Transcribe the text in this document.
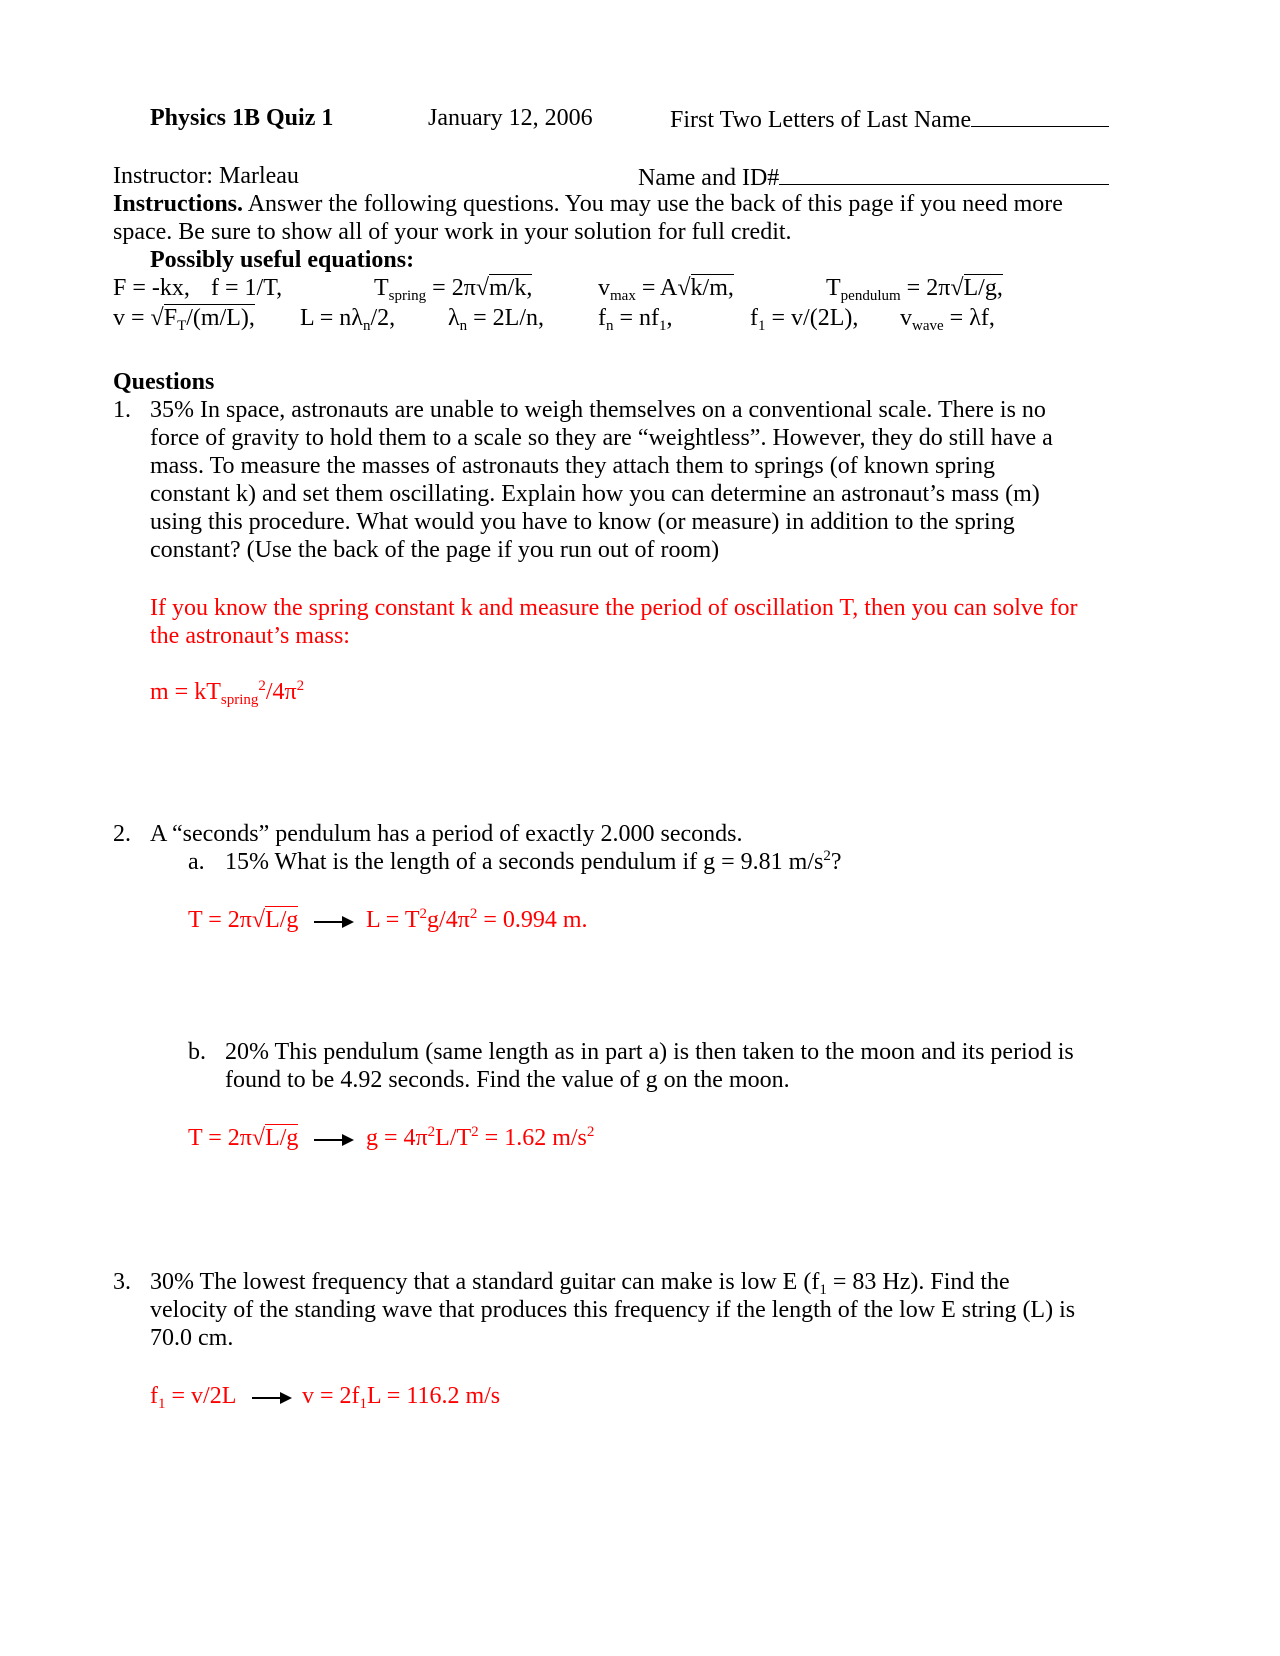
Physics 1B Quiz 1	January 12, 2006	First Two Letters of Last Name
Instructor: Marleau	Name and ID#
Instructions. Answer the following questions. You may use the back of this page if you need more
space. Be sure to show all of your work in your solution for full credit.
Possibly useful equations:
F = -kx, f = 1/T,	$T_{spring} = 2\pi√m/k$,	$v_{max} = A√k/m$,	$T_{pendulum} = 2\pi√L/g$,
$v = √F_T/(m/L)$, $L = n\lambda_n/2$, $\lambda_n = 2L/n$, $f_n = nf_1$,	$f_1 = v/(2L)$, $v_{wave} = \lambda f$,
Questions
1. 35% In space, astronauts are unable to weigh themselves on a conventional scale. There is no
force of gravity to hold them to a scale so they are “weightless”. However, they do still have a
mass. To measure the masses of astronauts they attach them to springs (of known spring
constant k) and set them oscillating. Explain how you can determine an astronaut’s mass (m)
using this procedure. What would you have to know (or measure) in addition to the spring
constant? (Use the back of the page if you run out of room)
If you know the spring constant k and measure the period of oscillation T, then you can solve for
the astronaut’s mass:
$m = kT_{spring}^2/4\pi^2$
2. A “seconds” pendulum has a period of exactly 2.000 seconds.
a. 15% What is the length of a seconds pendulum if g = 9.81 $m/s^2$?
T = 2π√L/g	$L = T^2g/4\pi^2 = 0.994$ m.
b. 20% This pendulum (same length as in part a) is then taken to the moon and its period is
found to be 4.92 seconds. Find the value of g on the moon.
T = 2π√L/g	$g = 4\pi^2L/T^2 = 1.62$ $m/s^2$
3. 30% The lowest frequency that a standard guitar can make is low E ($f_1 = 83$ Hz). Find the
velocity of the standing wave that produces this frequency if the length of the low E string (L) is
70.0 cm.
$f_1 = v/2L$	$v = 2f_1L = 116.2$ m/s
